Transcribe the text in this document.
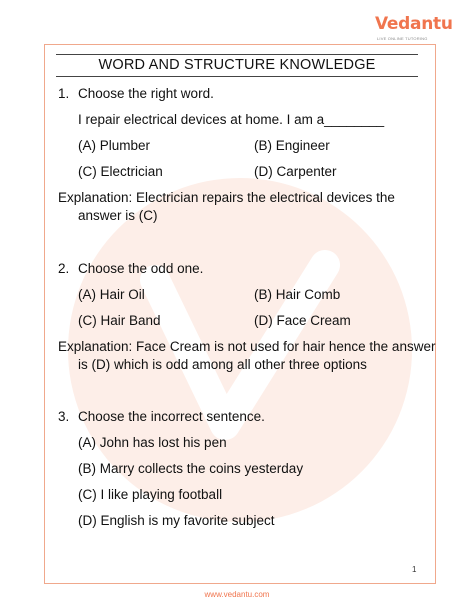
Vedantu
LIVE ONLINE TUTORING
WORD AND STRUCTURE KNOWLEDGE
1. Choose the right word.
I repair electrical devices at home. I am a________
(A) Plumber	(B) Engineer
(C) Electrician	(D) Carpenter
Explanation: Electrician repairs the electrical devices the
answer is (C)
2. Choose the odd one.
(A) Hair Oil	(B) Hair Comb
(C) Hair Band	(D) Face Cream
Explanation: Face Cream is not used for hair hence the answer
is (D) which is odd among all other three options
3. Choose the incorrect sentence.
(A) John has lost his pen
(B) Marry collects the coins yesterday
(C) I like playing football
(D) English is my favorite subject
1
www.vedantu.com
